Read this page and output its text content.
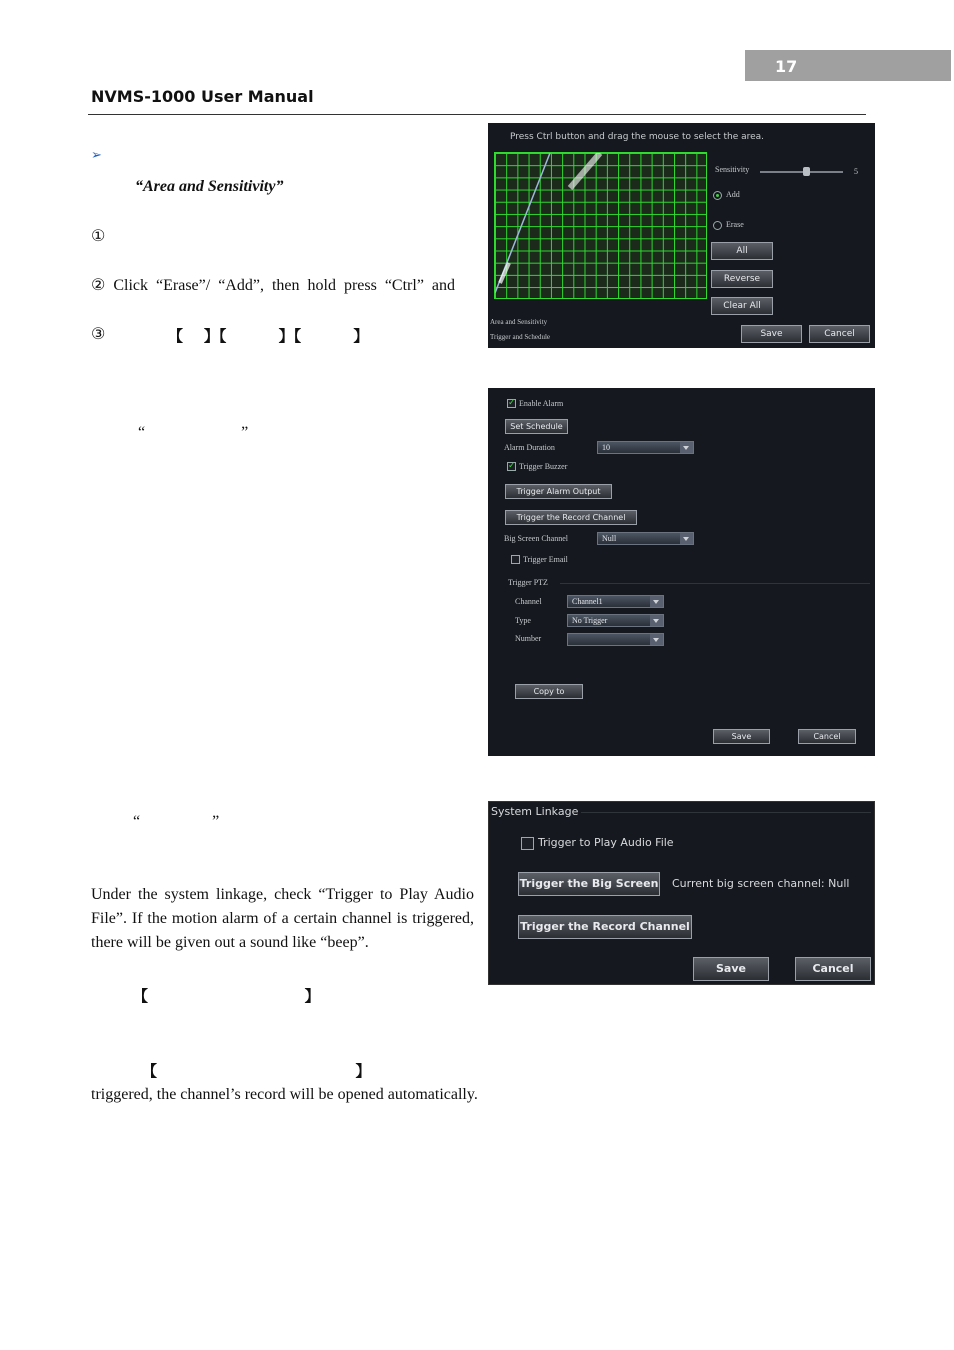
17
NVMS-1000 User Manual
➢
“Area and Sensitivity”
①
②  Click  “Erase”/  “Add”,  then  hold  press  “Ctrl”  and
③	【    】【          】【          】
“                        ”
“                  ”
Under the system linkage, check “Trigger to Play Audio File”. If the motion alarm of a certain channel is triggered, there will be given out a sound like “beep”.
【                              】
【                                      】
triggered, the channel’s record will be opened automatically.
Press Ctrl button and drag the mouse to select the area.
Sensitivity	5
Add
Erase
All
Reverse
Clear All
Save	Cancel
Area and Sensitivity
Trigger and Schedule
✓
Enable Alarm
Set Schedule
Alarm Duration	10
✓
Trigger Buzzer
Trigger Alarm Output
Trigger the Record Channel
Big Screen Channel	Null
Trigger Email
Trigger PTZ
Channel	Channel1
Type	No Trigger
Number
Copy to
Save	Cancel
System Linkage
Trigger to Play Audio File
Trigger the Big Screen Current big screen channel: Null
Trigger the Record Channel
Save	Cancel
